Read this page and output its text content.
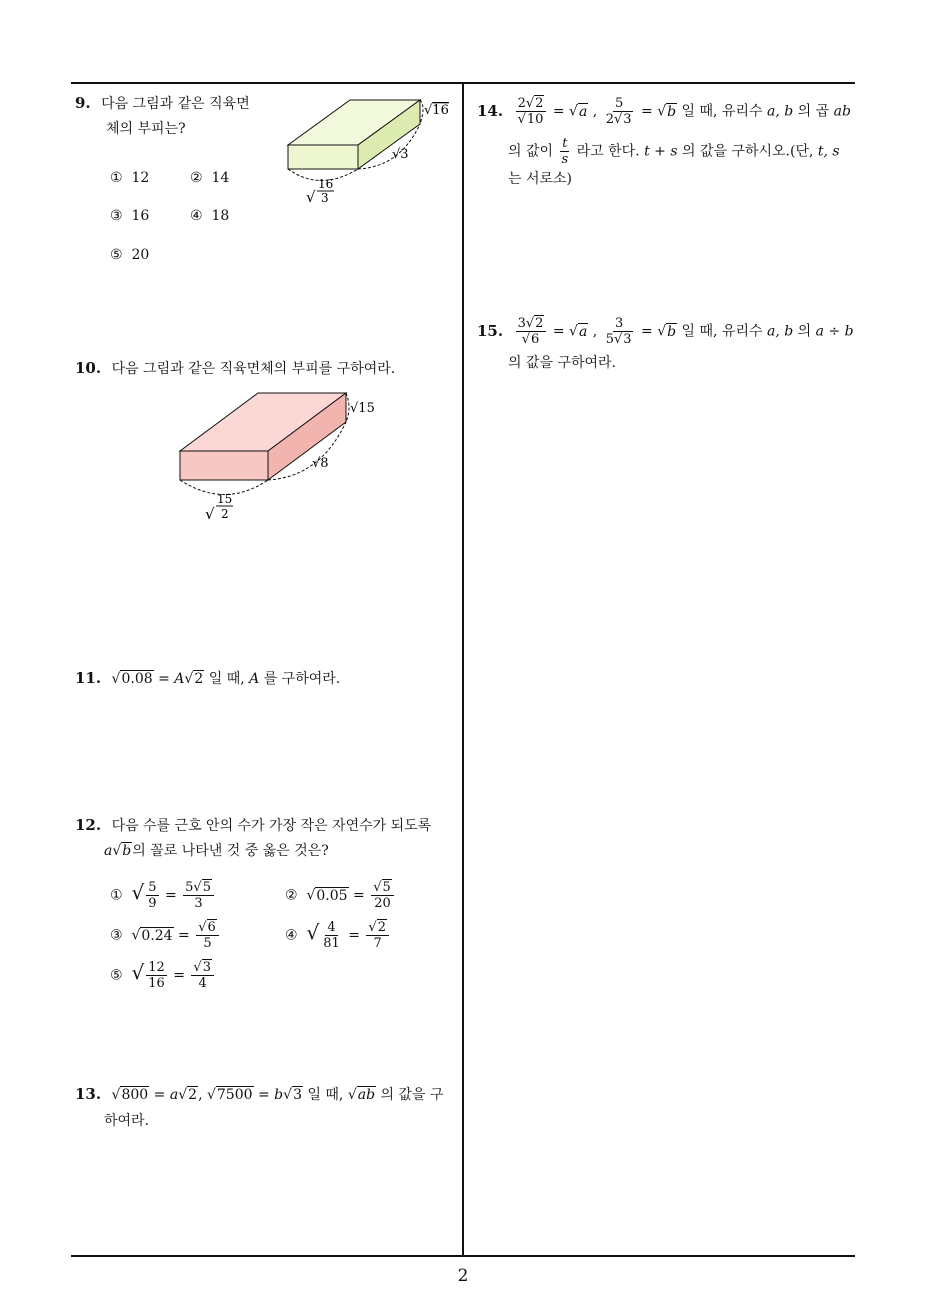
2
9. 다음 그림과 같은 직육면
체의 부피는?
① 12	② 14
③ 16	④ 18
⑤ 20
√16
√3
√
16
3
10. 다음 그림과 같은 직육면체의 부피를 구하여라.
√15
√8
√
15
2
11. √0.08 = A√2 일 때, A 를 구하여라.
12. 다음 수를 근호 안의 수가 가장 작은 자연수가 되도록
a√b의 꼴로 나타낸 것 중 옳은 것은?
① √ $\frac{5}{9} = \frac{5√5}{3}$	②  $√0.05 = \frac{√5}{20}$
③  $√0.24 = \frac{√6}{5}$	④ √ $\frac{4}{81} = \frac{√2}{7}$
⑤ √ $\frac{12}{16} = \frac{√3}{4}$
13. √800 = a√2, √7500 = b√3 일 때, √ab 의 값을 구
하여라.
14. $\frac{2√2}{√10} = √a$ , $\frac{5}{2√3} = √b$ 일 때, 유리수 a, b 의 곱 ab
의 값이 $\frac{t}{s}$ 라고 한다. t + s 의 값을 구하시오.(단, t, s
는 서로소)
15. $\frac{3√2}{√6} = √a$ , $\frac{3}{5√3} = √b$ 일 때, 유리수 a, b 의 a ÷ b
의 값을 구하여라.
